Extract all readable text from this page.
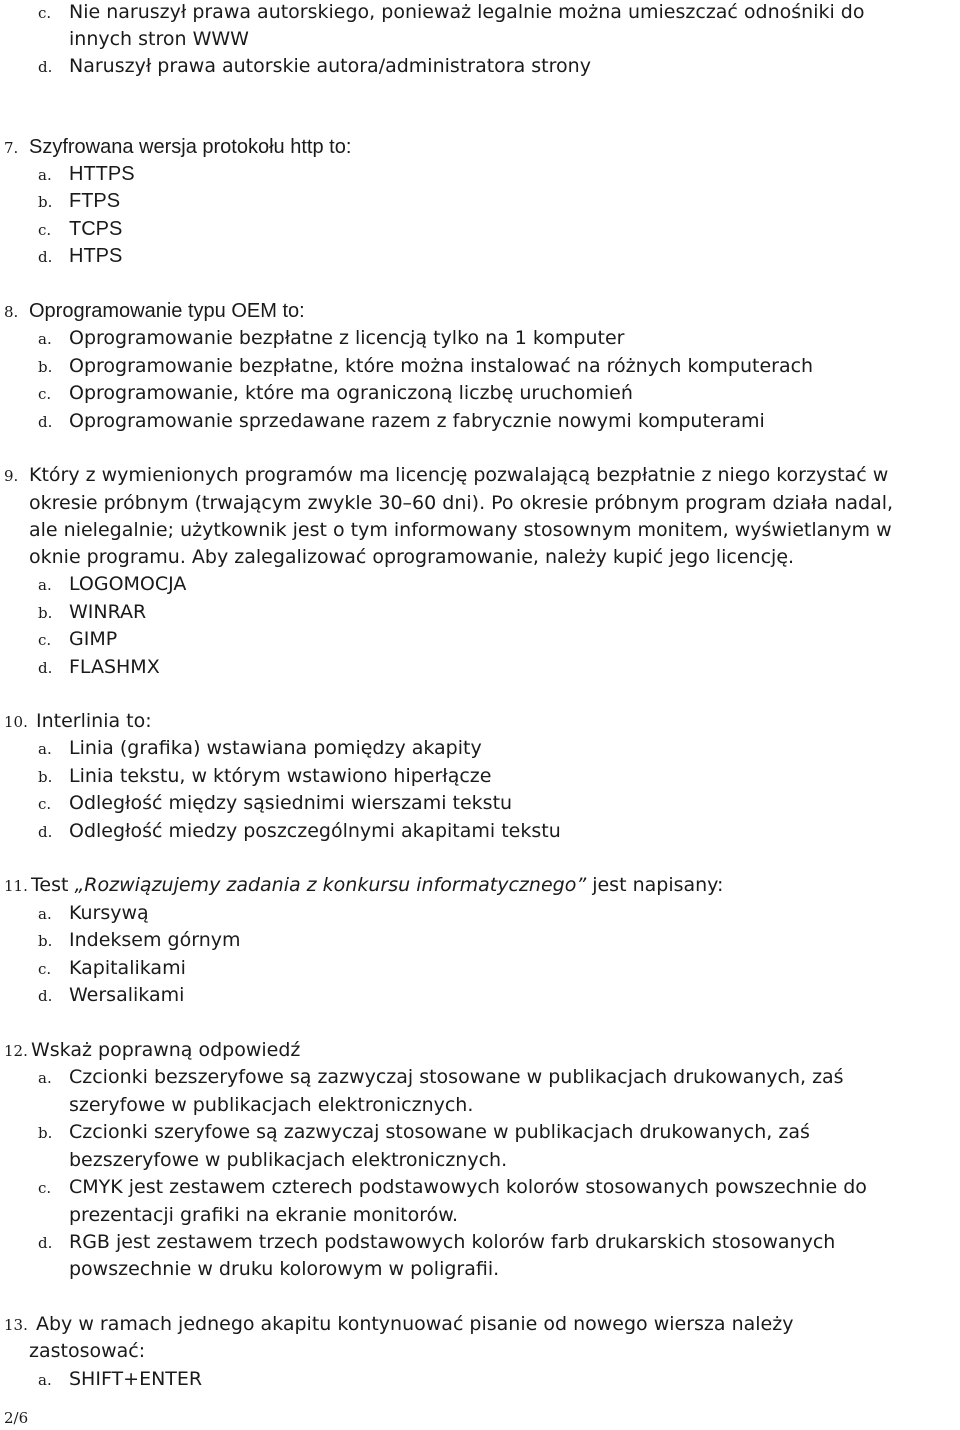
c. Nie naruszył prawa autorskiego, ponieważ legalnie można umieszczać odnośniki do
innych stron WWW
d. Naruszył prawa autorskie autora/administratora strony
7. Szyfrowana wersja protokołu http to:
a. HTTPS
b. FTPS
c. TCPS
d. HTPS
8. Oprogramowanie typu OEM to:
a. Oprogramowanie bezpłatne z licencją tylko na 1 komputer
b. Oprogramowanie bezpłatne, które można instalować na różnych komputerach
c. Oprogramowanie, które ma ograniczoną liczbę uruchomień
d. Oprogramowanie sprzedawane razem z fabrycznie nowymi komputerami
9. Który z wymienionych programów ma licencję pozwalającą bezpłatnie z niego korzystać w
okresie próbnym (trwającym zwykle 30–60 dni). Po okresie próbnym program działa nadal,
ale nielegalnie; użytkownik jest o tym informowany stosownym monitem, wyświetlanym w
oknie programu. Aby zalegalizować oprogramowanie, należy kupić jego licencję.
a. LOGOMOCJA
b. WINRAR
c. GIMP
d. FLASHMX
10. Interlinia to:
a. Linia (grafika) wstawiana pomiędzy akapity
b. Linia tekstu, w którym wstawiono hiperłącze
c. Odległość między sąsiednimi wierszami tekstu
d. Odległość miedzy poszczególnymi akapitami tekstu
11. Test „Rozwiązujemy zadania z konkursu informatycznego” jest napisany:
a. Kursywą
b. Indeksem górnym
c. Kapitalikami
d. Wersalikami
12. Wskaż poprawną odpowiedź
a. Czcionki bezszeryfowe są zazwyczaj stosowane w publikacjach drukowanych, zaś
szeryfowe w publikacjach elektronicznych.
b. Czcionki szeryfowe są zazwyczaj stosowane w publikacjach drukowanych, zaś
bezszeryfowe w publikacjach elektronicznych.
c. CMYK jest zestawem czterech podstawowych kolorów stosowanych powszechnie do
prezentacji grafiki na ekranie monitorów.
d. RGB jest zestawem trzech podstawowych kolorów farb drukarskich stosowanych
powszechnie w druku kolorowym w poligrafii.
13. Aby w ramach jednego akapitu kontynuować pisanie od nowego wiersza należy
zastosować:
a. SHIFT+ENTER
2/6
